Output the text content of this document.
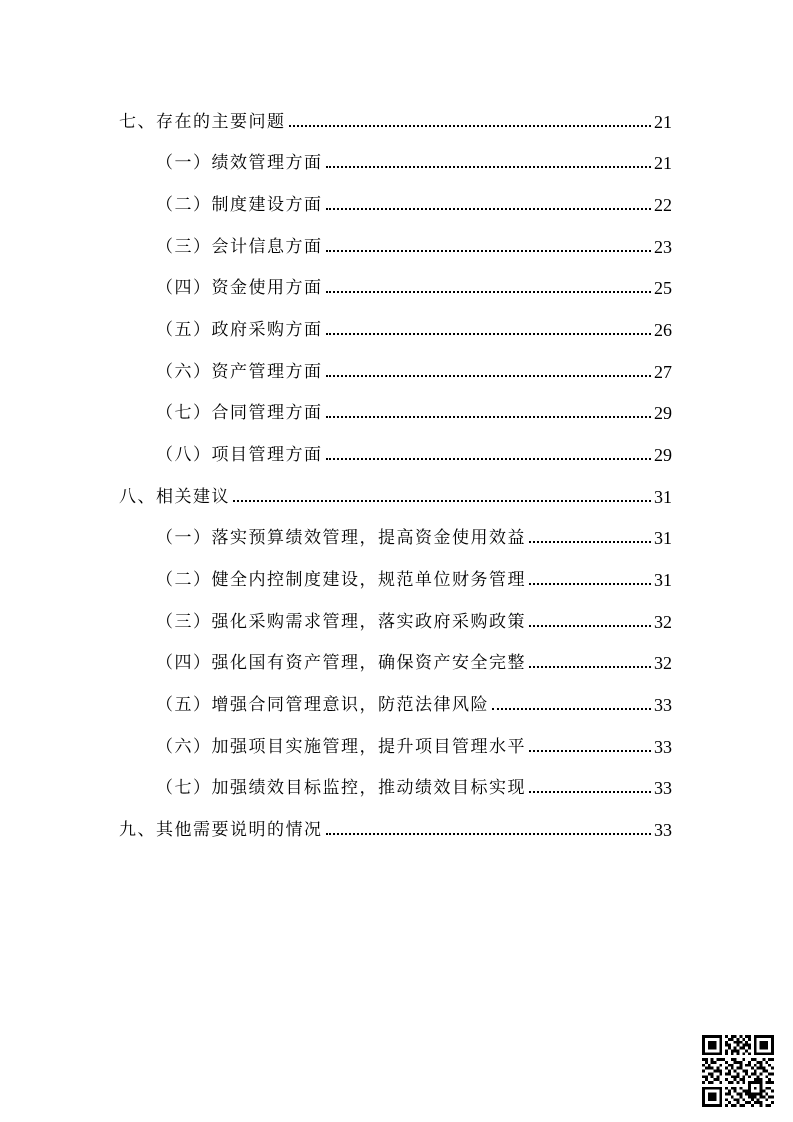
七、存在的主要问题	21
（一）绩效管理方面	21
（二）制度建设方面	22
（三）会计信息方面	23
（四）资金使用方面	25
（五）政府采购方面	26
（六）资产管理方面	27
（七）合同管理方面	29
（八）项目管理方面	29
八、相关建议	31
（一）落实预算绩效管理，提高资金使用效益	31
（二）健全内控制度建设，规范单位财务管理	31
（三）强化采购需求管理，落实政府采购政策	32
（四）强化国有资产管理，确保资产安全完整	32
（五）增强合同管理意识，防范法律风险	33
（六）加强项目实施管理，提升项目管理水平	33
（七）加强绩效目标监控，推动绩效目标实现	33
九、其他需要说明的情况	33
